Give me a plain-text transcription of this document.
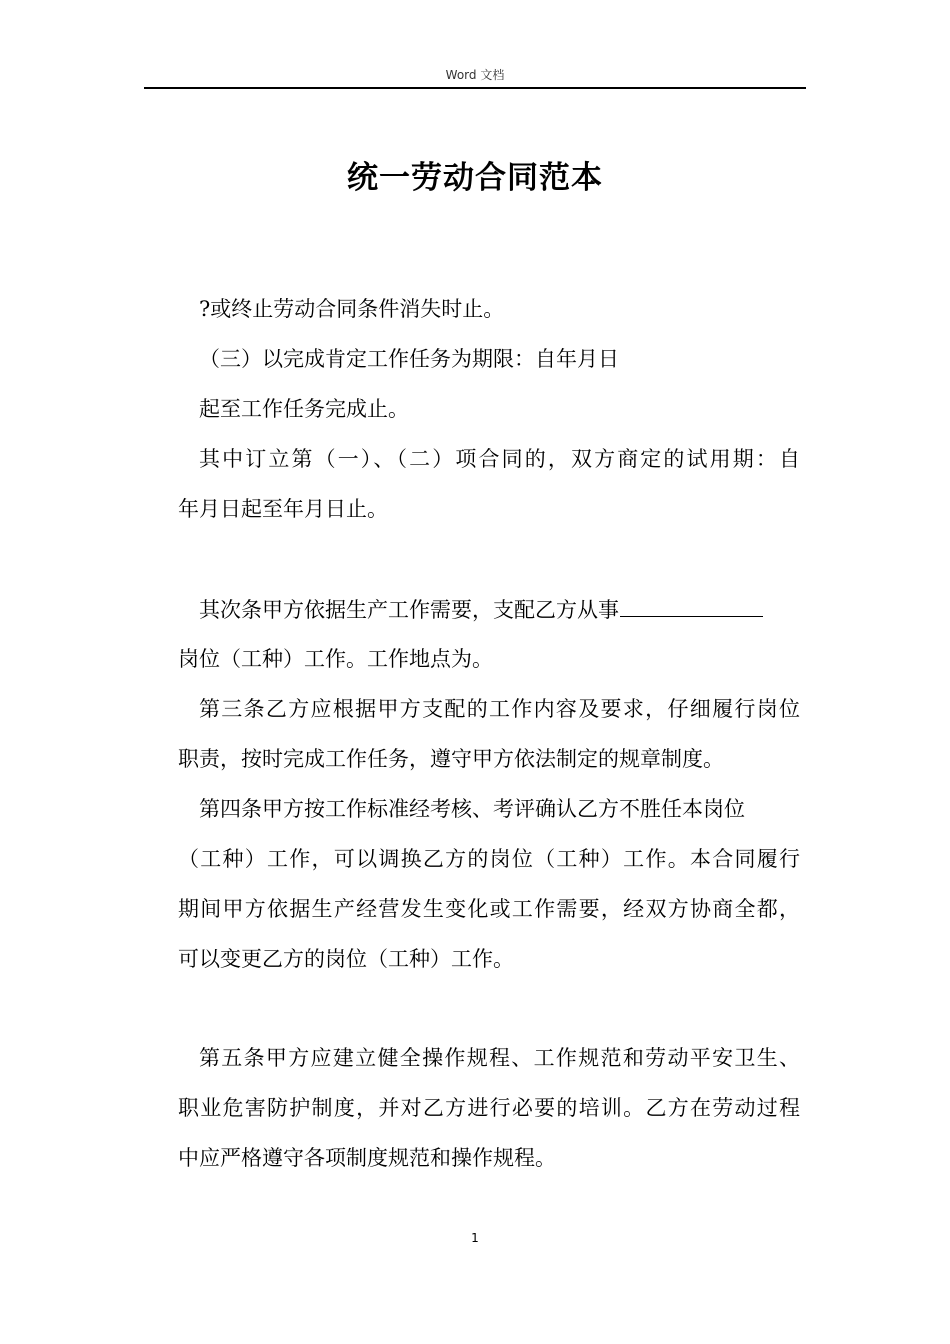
Word 文档
统一劳动合同范本
?或终止劳动合同条件消失时止。
（三）以完成肯定工作任务为期限：自年月日
起至工作任务完成止。
其中订立第（一）、（二）项合同的，双方商定的试用期：自
年月日起至年月日止。
其次条甲方依据生产工作需要，支配乙方从事
岗位（工种）工作。工作地点为。
第三条乙方应根据甲方支配的工作内容及要求，仔细履行岗位
职责，按时完成工作任务，遵守甲方依法制定的规章制度。
第四条甲方按工作标准经考核、考评确认乙方不胜任本岗位
（工种）工作，可以调换乙方的岗位（工种）工作。本合同履行
期间甲方依据生产经营发生变化或工作需要，经双方协商全都，
可以变更乙方的岗位（工种）工作。
第五条甲方应建立健全操作规程、工作规范和劳动平安卫生、
职业危害防护制度，并对乙方进行必要的培训。乙方在劳动过程
中应严格遵守各项制度规范和操作规程。
1
